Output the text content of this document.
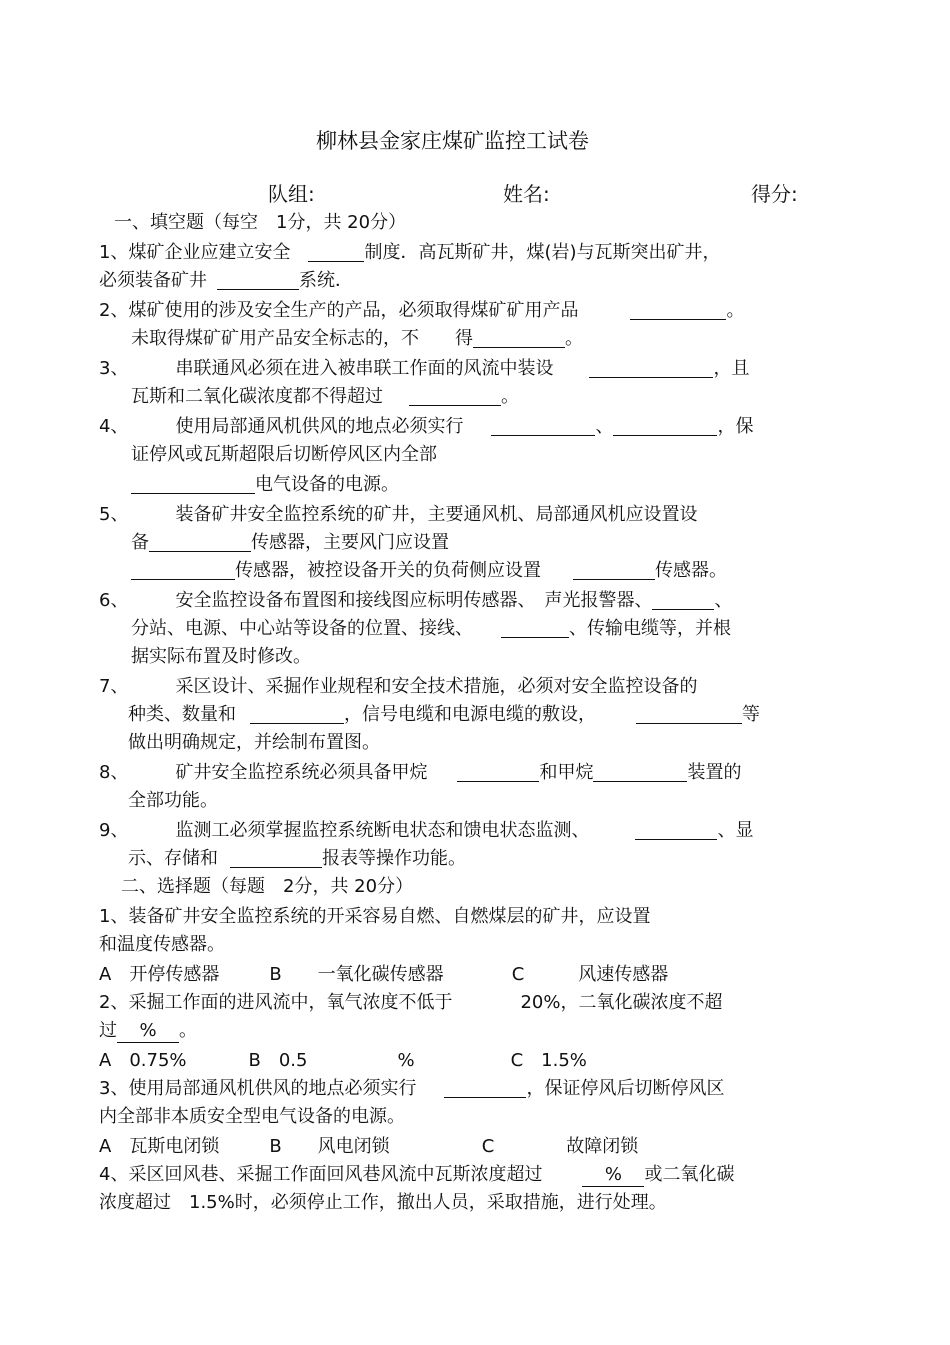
柳林县金家庄煤矿监控工试卷
队组:	姓名:	得分:
一、填空题（每空　1分，共 20分）
1、煤矿企业应建立安全	制度．高瓦斯矿井，煤(岩)与瓦斯突出矿井，
必须装备矿井	系统．
2、煤矿使用的涉及安全生产的产品，必须取得煤矿矿用产品	。
未取得煤矿矿用产品安全标志的，不　　得	。
3、	串联通风必须在进入被串联工作面的风流中装设	，且
瓦斯和二氧化碳浓度都不得超过	。
4、	使用局部通风机供风的地点必须实行	、	，保
证停风或瓦斯超限后切断停风区内全部
电气设备的电源。
5、	装备矿井安全监控系统的矿井，主要通风机、局部通风机应设置设
备	传感器，主要风门应设置
传感器，被控设备开关的负荷侧应设置	传感器。
6、	安全监控设备布置图和接线图应标明传感器、　声光报警器、	、
分站、电源、中心站等设备的位置、接线、	、传输电缆等，并根
据实际布置及时修改。
7、	采区设计、采掘作业规程和安全技术措施，必须对安全监控设备的
种类、数量和	，信号电缆和电源电缆的敷设，	等
做出明确规定，并绘制布置图。
8、	矿井安全监控系统必须具备甲烷	和甲烷	装置的
全部功能。
9、	监测工必须掌握监控系统断电状态和馈电状态监测、	、显
示、存储和	报表等操作功能。
二、选择题（每题　2分，共 20分）
1、装备矿井安全监控系统的开采容易自燃、自燃煤层的矿井，应设置
和温度传感器。
A　开停传感器	B　　一氧化碳传感器	C　　　风速传感器
2、采掘工作面的进风流中，氧气浓度不低于	20%，二氧化碳浓度不超
过 % 。
A　0.75%	B　0.5	%	C　1.5%
3、使用局部通风机供风的地点必须实行	，保证停风后切断停风区
内全部非本质安全型电气设备的电源。
A　瓦斯电闭锁	B　　风电闭锁	C　　　　故障闭锁
4、采区回风巷、采掘工作面回风巷风流中瓦斯浓度超过	% 或二氧化碳
浓度超过　1.5%时，必须停止工作，撤出人员，采取措施，进行处理。
